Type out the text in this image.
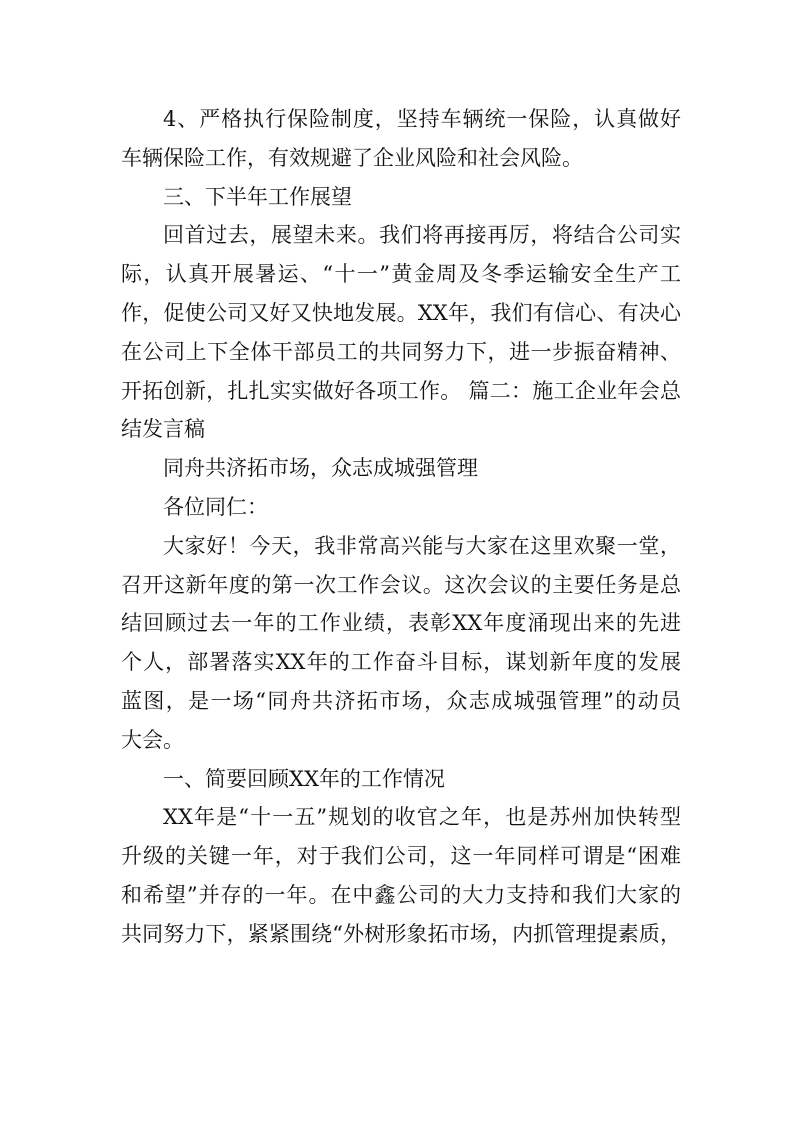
4、严格执行保险制度，坚持车辆统一保险，认真做好
车辆保险工作，有效规避了企业风险和社会风险。
三、下半年工作展望
回首过去，展望未来。我们将再接再厉，将结合公司实
际，认真开展暑运、“十一”黄金周及冬季运输安全生产工
作，促使公司又好又快地发展。XX年，我们有信心、有决心
在公司上下全体干部员工的共同努力下，进一步振奋精神、
开拓创新，扎扎实实做好各项工作。 篇二：施工企业年会总
结发言稿
同舟共济拓市场，众志成城强管理
各位同仁：
大家好！今天，我非常高兴能与大家在这里欢聚一堂，
召开这新年度的第一次工作会议。这次会议的主要任务是总
结回顾过去一年的工作业绩，表彰XX年度涌现出来的先进
个人，部署落实XX年的工作奋斗目标，谋划新年度的发展
蓝图，是一场“同舟共济拓市场，众志成城强管理”的动员
大会。
一、简要回顾XX年的工作情况
XX年是“十一五”规划的收官之年，也是苏州加快转型
升级的关键一年，对于我们公司，这一年同样可谓是“困难
和希望”并存的一年。在中鑫公司的大力支持和我们大家的
共同努力下，紧紧围绕“外树形象拓市场，内抓管理提素质，
